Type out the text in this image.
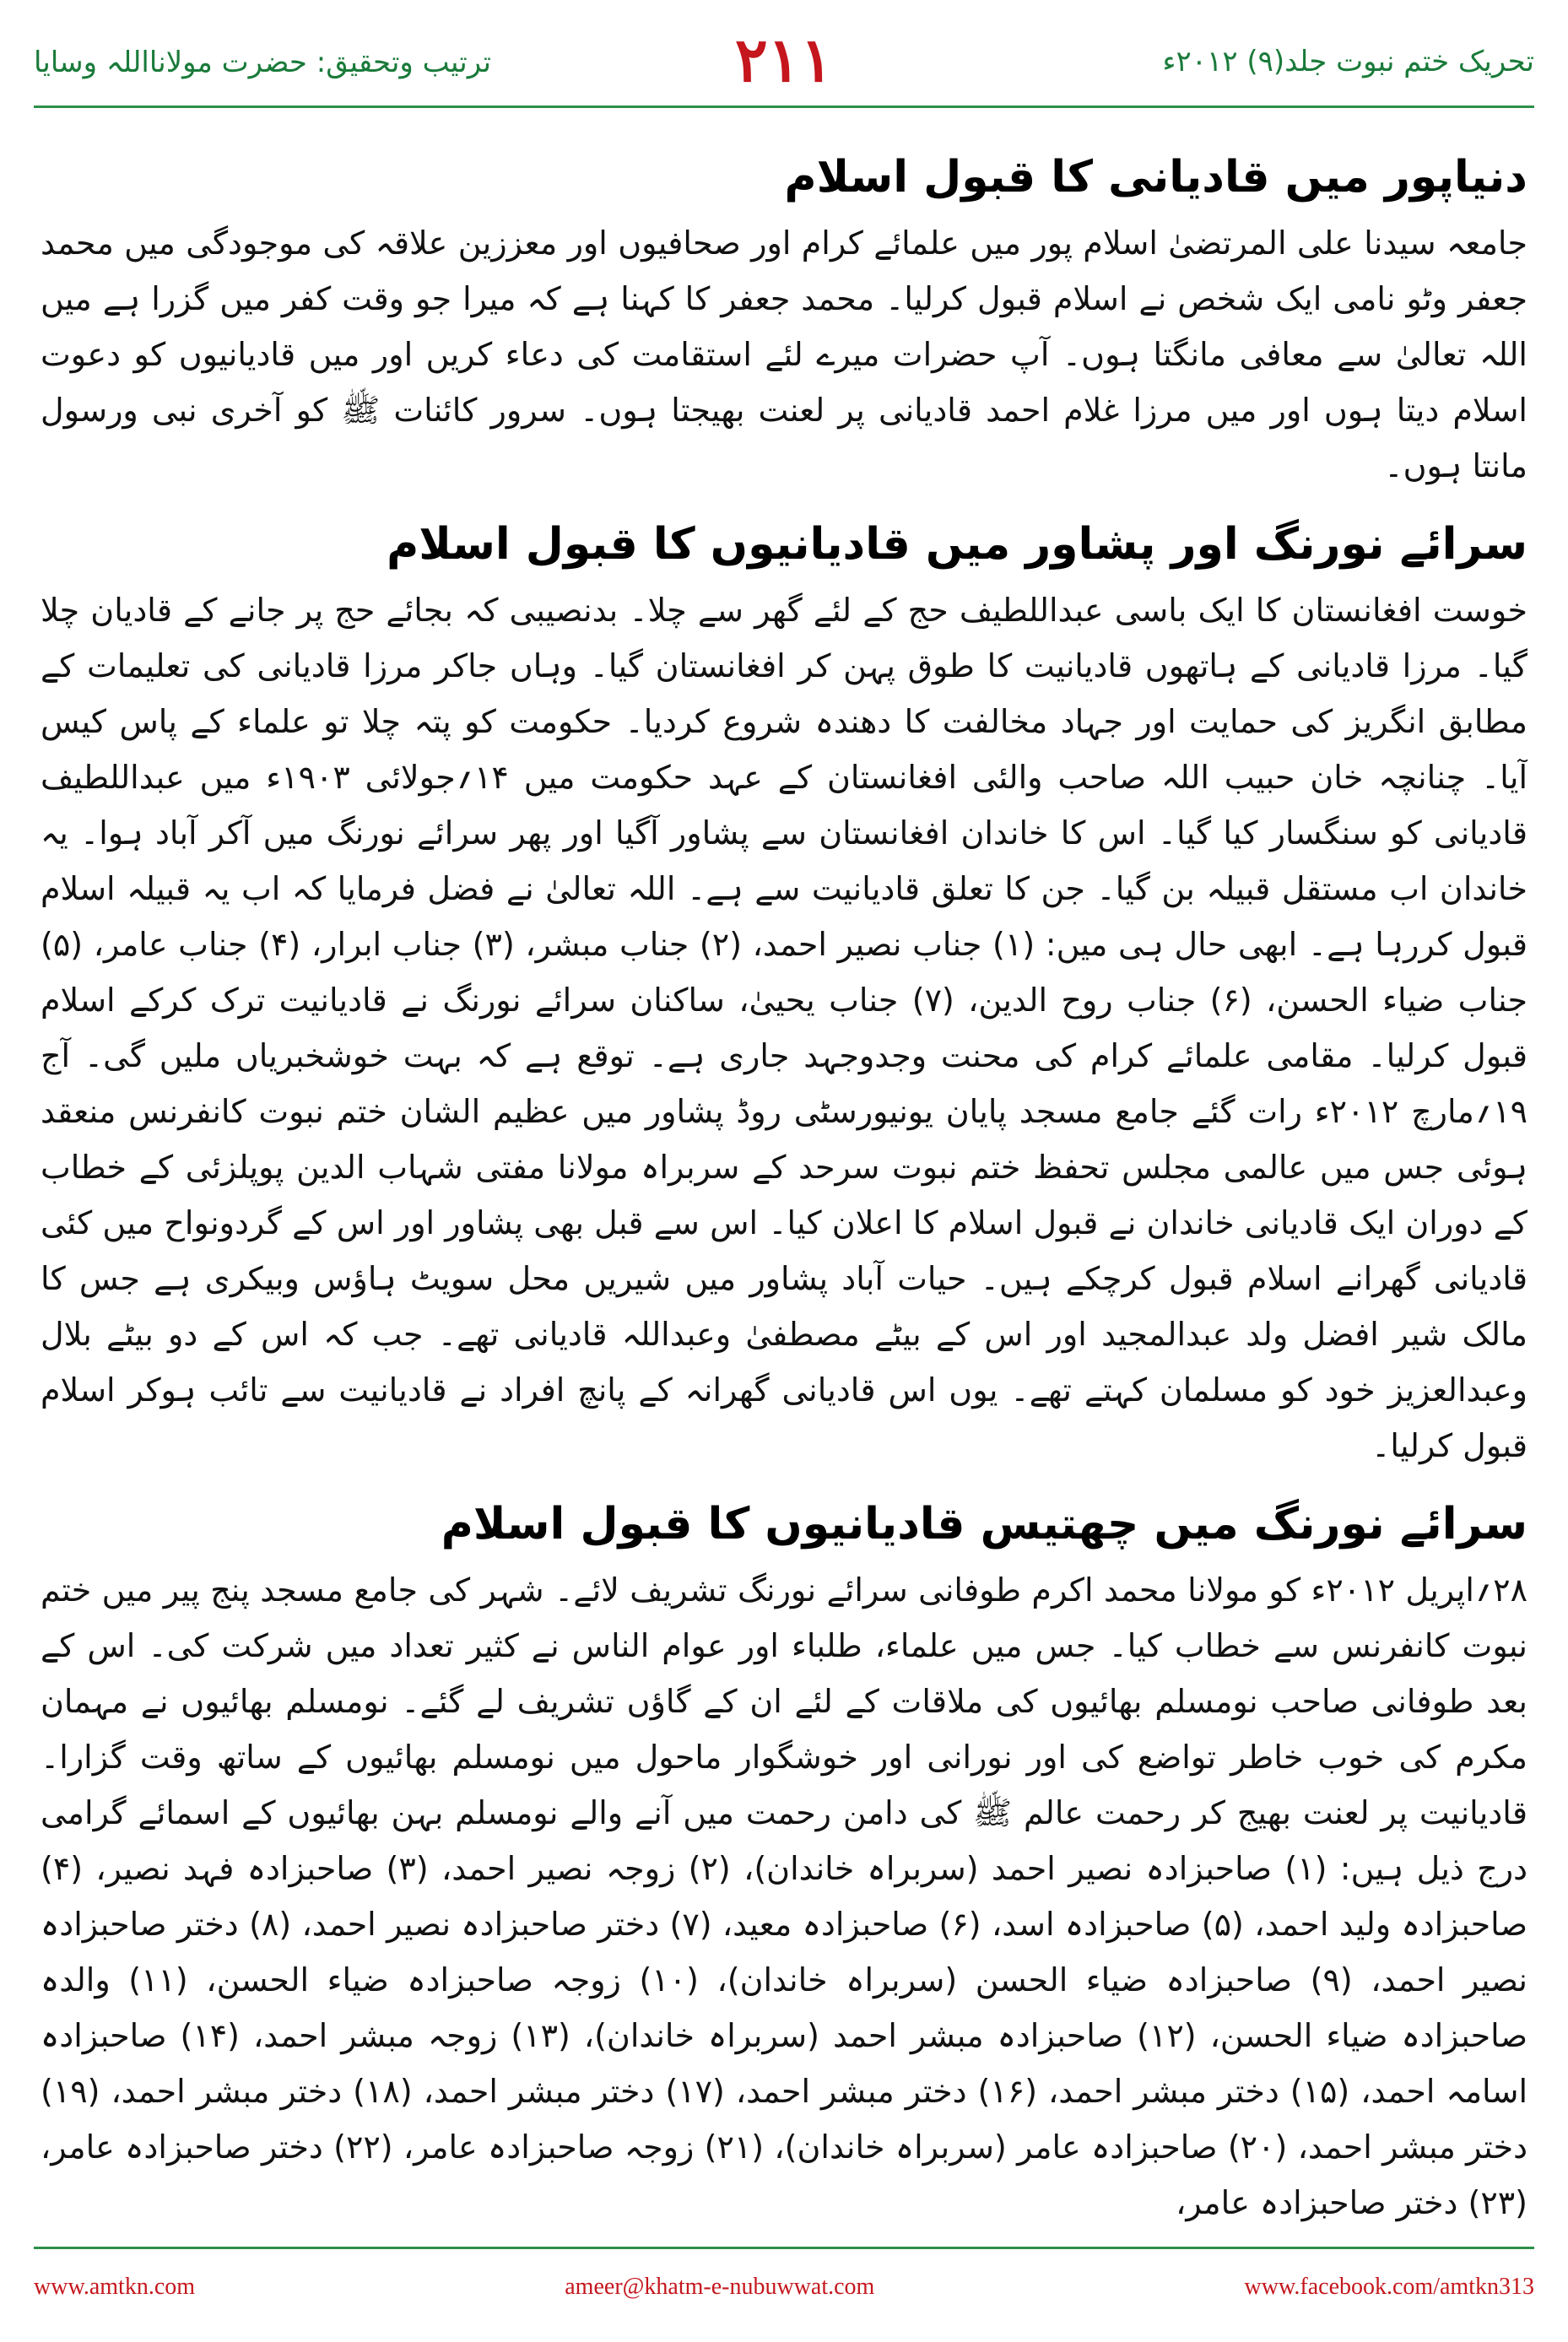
ترتیب وتحقیق: حضرت مولانااللہ وسایا	۲۱۱	تحریک ختم نبوت جلد(۹) ۲۰۱۲ء
دنیاپور میں قادیانی کا قبول اسلام

جامعہ سیدنا علی المرتضیٰ اسلام پور میں علمائے کرام اور صحافیوں اور معززین علاقہ کی موجودگی میں محمد جعفر وٹو نامی ایک شخص نے اسلام قبول کرلیا۔ محمد جعفر کا کہنا ہے کہ میرا جو وقت کفر میں گزرا ہے میں اللہ تعالیٰ سے معافی مانگتا ہوں۔ آپ حضرات میرے لئے استقامت کی دعاء کریں اور میں قادیانیوں کو دعوت اسلام دیتا ہوں اور میں مرزا غلام احمد قادیانی پر لعنت بھیجتا ہوں۔ سرور کائنات ﷺ کو آخری نبی ورسول مانتا ہوں۔

سرائے نورنگ اور پشاور میں قادیانیوں کا قبول اسلام

خوست افغانستان کا ایک باسی عبداللطیف حج کے لئے گھر سے چلا۔ بدنصیبی کہ بجائے حج پر جانے کے قادیان چلا گیا۔ مرزا قادیانی کے ہاتھوں قادیانیت کا طوق پہن کر افغانستان گیا۔ وہاں جاکر مرزا قادیانی کی تعلیمات کے مطابق انگریز کی حمایت اور جہاد مخالفت کا دھندہ شروع کردیا۔ حکومت کو پتہ چلا تو علماء کے پاس کیس آیا۔ چنانچہ خان حبیب اللہ صاحب والئی افغانستان کے عہد حکومت میں ۱۴؍جولائی ۱۹۰۳ء میں عبداللطیف قادیانی کو سنگسار کیا گیا۔ اس کا خاندان افغانستان سے پشاور آگیا اور پھر سرائے نورنگ میں آکر آباد ہوا۔ یہ خاندان اب مستقل قبیلہ بن گیا۔ جن کا تعلق قادیانیت سے ہے۔ اللہ تعالیٰ نے فضل فرمایا کہ اب یہ قبیلہ اسلام قبول کررہا ہے۔ ابھی حال ہی میں: (۱) جناب نصیر احمد، (۲) جناب مبشر، (۳) جناب ابرار، (۴) جناب عامر، (۵) جناب ضیاء الحسن، (۶) جناب روح الدین، (۷) جناب یحییٰ، ساکنان سرائے نورنگ نے قادیانیت ترک کرکے اسلام قبول کرلیا۔ مقامی علمائے کرام کی محنت وجدوجہد جاری ہے۔ توقع ہے کہ بہت خوشخبریاں ملیں گی۔ آج ۱۹؍مارچ ۲۰۱۲ء رات گئے جامع مسجد پایان یونیورسٹی روڈ پشاور میں عظیم الشان ختم نبوت کانفرنس منعقد ہوئی جس میں عالمی مجلس تحفظ ختم نبوت سرحد کے سربراہ مولانا مفتی شہاب الدین پوپلزئی کے خطاب کے دوران ایک قادیانی خاندان نے قبول اسلام کا اعلان کیا۔ اس سے قبل بھی پشاور اور اس کے گردونواح میں کئی قادیانی گھرانے اسلام قبول کرچکے ہیں۔ حیات آباد پشاور میں شیریں محل سویٹ ہاؤس وبیکری ہے جس کا مالک شیر افضل ولد عبدالمجید اور اس کے بیٹے مصطفیٰ وعبداللہ قادیانی تھے۔ جب کہ اس کے دو بیٹے بلال وعبدالعزیز خود کو مسلمان کہتے تھے۔ یوں اس قادیانی گھرانہ کے پانچ افراد نے قادیانیت سے تائب ہوکر اسلام قبول کرلیا۔

سرائے نورنگ میں چھتیس قادیانیوں کا قبول اسلام

۲۸؍اپریل ۲۰۱۲ء کو مولانا محمد اکرم طوفانی سرائے نورنگ تشریف لائے۔ شہر کی جامع مسجد پنج پیر میں ختم نبوت کانفرنس سے خطاب کیا۔ جس میں علماء، طلباء اور عوام الناس نے کثیر تعداد میں شرکت کی۔ اس کے بعد طوفانی صاحب نومسلم بھائیوں کی ملاقات کے لئے ان کے گاؤں تشریف لے گئے۔ نومسلم بھائیوں نے مہمان مکرم کی خوب خاطر تواضع کی اور نورانی اور خوشگوار ماحول میں نومسلم بھائیوں کے ساتھ وقت گزارا۔ قادیانیت پر لعنت بھیج کر رحمت عالم ﷺ کی دامن رحمت میں آنے والے نومسلم بہن بھائیوں کے اسمائے گرامی درج ذیل ہیں: (۱) صاحبزادہ نصیر احمد (سربراہ خاندان)، (۲) زوجہ نصیر احمد، (۳) صاحبزادہ فہد نصیر، (۴) صاحبزادہ ولید احمد، (۵) صاحبزادہ اسد، (۶) صاحبزادہ معید، (۷) دختر صاحبزادہ نصیر احمد، (۸) دختر صاحبزادہ نصیر احمد، (۹) صاحبزادہ ضیاء الحسن (سربراہ خاندان)، (۱۰) زوجہ صاحبزادہ ضیاء الحسن، (۱۱) والدہ صاحبزادہ ضیاء الحسن، (۱۲) صاحبزادہ مبشر احمد (سربراہ خاندان)، (۱۳) زوجہ مبشر احمد، (۱۴) صاحبزادہ اسامہ احمد، (۱۵) دختر مبشر احمد، (۱۶) دختر مبشر احمد، (۱۷) دختر مبشر احمد، (۱۸) دختر مبشر احمد، (۱۹) دختر مبشر احمد، (۲۰) صاحبزادہ عامر (سربراہ خاندان)، (۲۱) زوجہ صاحبزادہ عامر، (۲۲) دختر صاحبزادہ عامر، (۲۳) دختر صاحبزادہ عامر،

www.amtkn.com	ameer@khatm-e-nubuwwat.com	www.facebook.com/amtkn313
